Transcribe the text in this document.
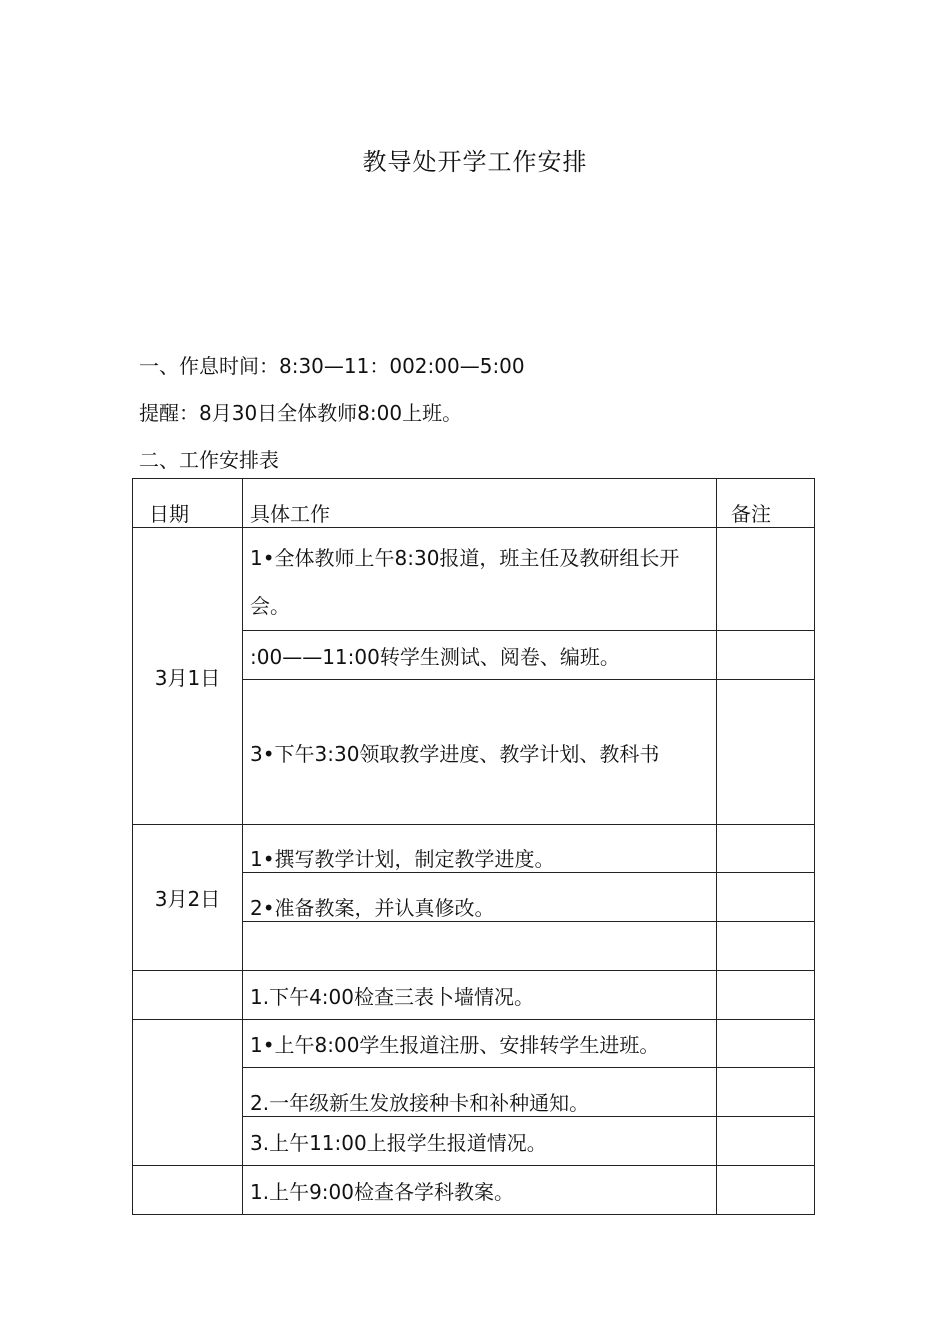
教导处开学工作安排
一、作息时间：8:30—11：002:00—5:00
提醒：8月30日全体教师8:00上班。
二、工作安排表
日期	具体工作	备注
3月1日	1•全体教师上午8:30报道，班主任及教研组长开会。	
	:00——11:00转学生测试、阅卷、编班。	
	3•下午3:30领取教学进度、教学计划、教科书	
3月2日	1•撰写教学计划，制定教学进度。	
	2•准备教案，并认真修改。	

	1.下午4:00检查三表卜墙情况。	
	1•上午8:00学生报道注册、安排转学生进班。	
	2.一年级新生发放接种卡和补种通知。	
	3.上午11:00上报学生报道情况。	
	1.上午9:00检查各学科教案。	
